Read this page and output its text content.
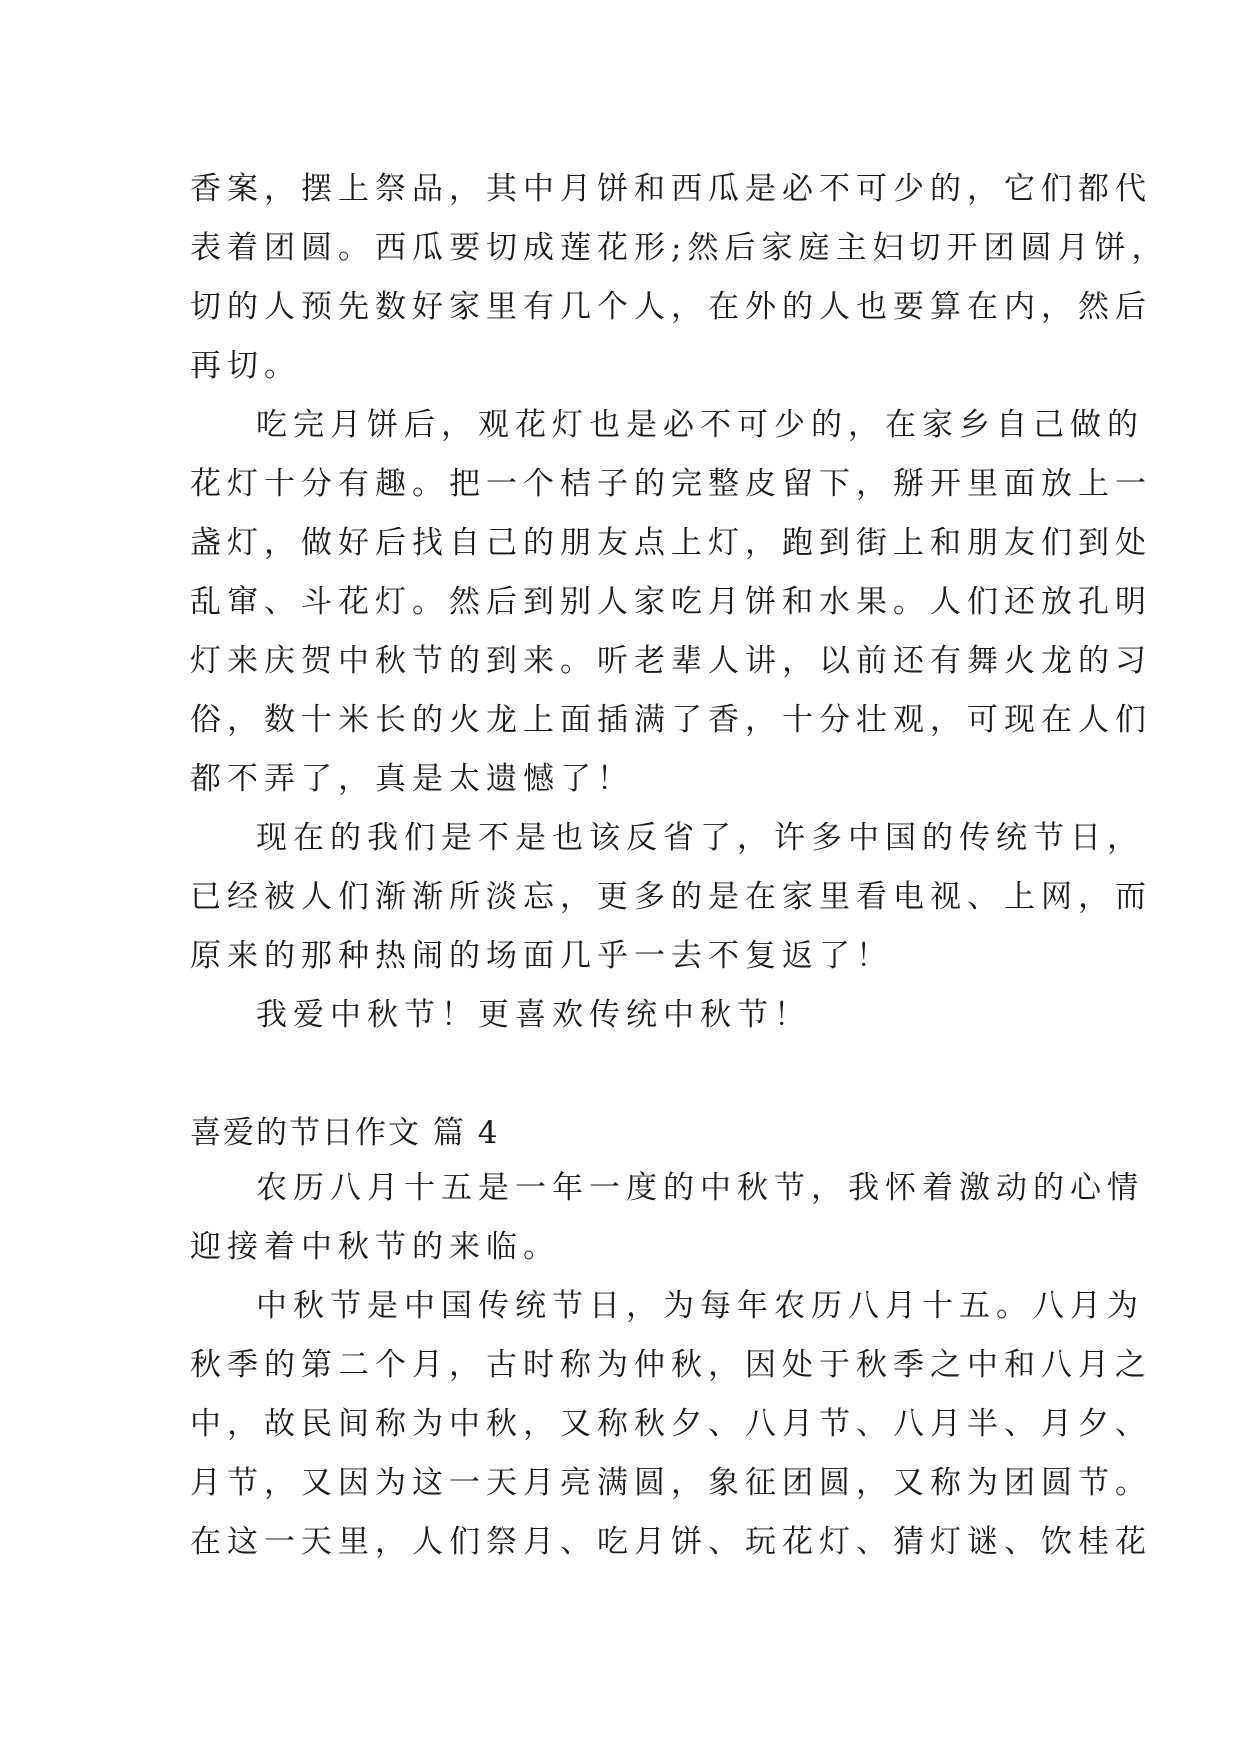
香案，摆上祭品，其中月饼和西瓜是必不可少的，它们都代
表着团圆。西瓜要切成莲花形;然后家庭主妇切开团圆月饼，
切的人预先数好家里有几个人，在外的人也要算在内，然后
再切。
吃完月饼后，观花灯也是必不可少的，在家乡自己做的
花灯十分有趣。把一个桔子的完整皮留下，掰开里面放上一
盏灯，做好后找自己的朋友点上灯，跑到街上和朋友们到处
乱窜、斗花灯。然后到别人家吃月饼和水果。人们还放孔明
灯来庆贺中秋节的到来。听老辈人讲，以前还有舞火龙的习
俗，数十米长的火龙上面插满了香，十分壮观，可现在人们
都不弄了，真是太遗憾了！
现在的我们是不是也该反省了，许多中国的传统节日，
已经被人们渐渐所淡忘，更多的是在家里看电视、上网，而
原来的那种热闹的场面几乎一去不复返了！
我爱中秋节！更喜欢传统中秋节！
喜爱的节日作文 篇 4
农历八月十五是一年一度的中秋节，我怀着激动的心情
迎接着中秋节的来临。
中秋节是中国传统节日，为每年农历八月十五。八月为
秋季的第二个月，古时称为仲秋，因处于秋季之中和八月之
中，故民间称为中秋，又称秋夕、八月节、八月半、月夕、
月节，又因为这一天月亮满圆，象征团圆，又称为团圆节。
在这一天里，人们祭月、吃月饼、玩花灯、猜灯谜、饮桂花
